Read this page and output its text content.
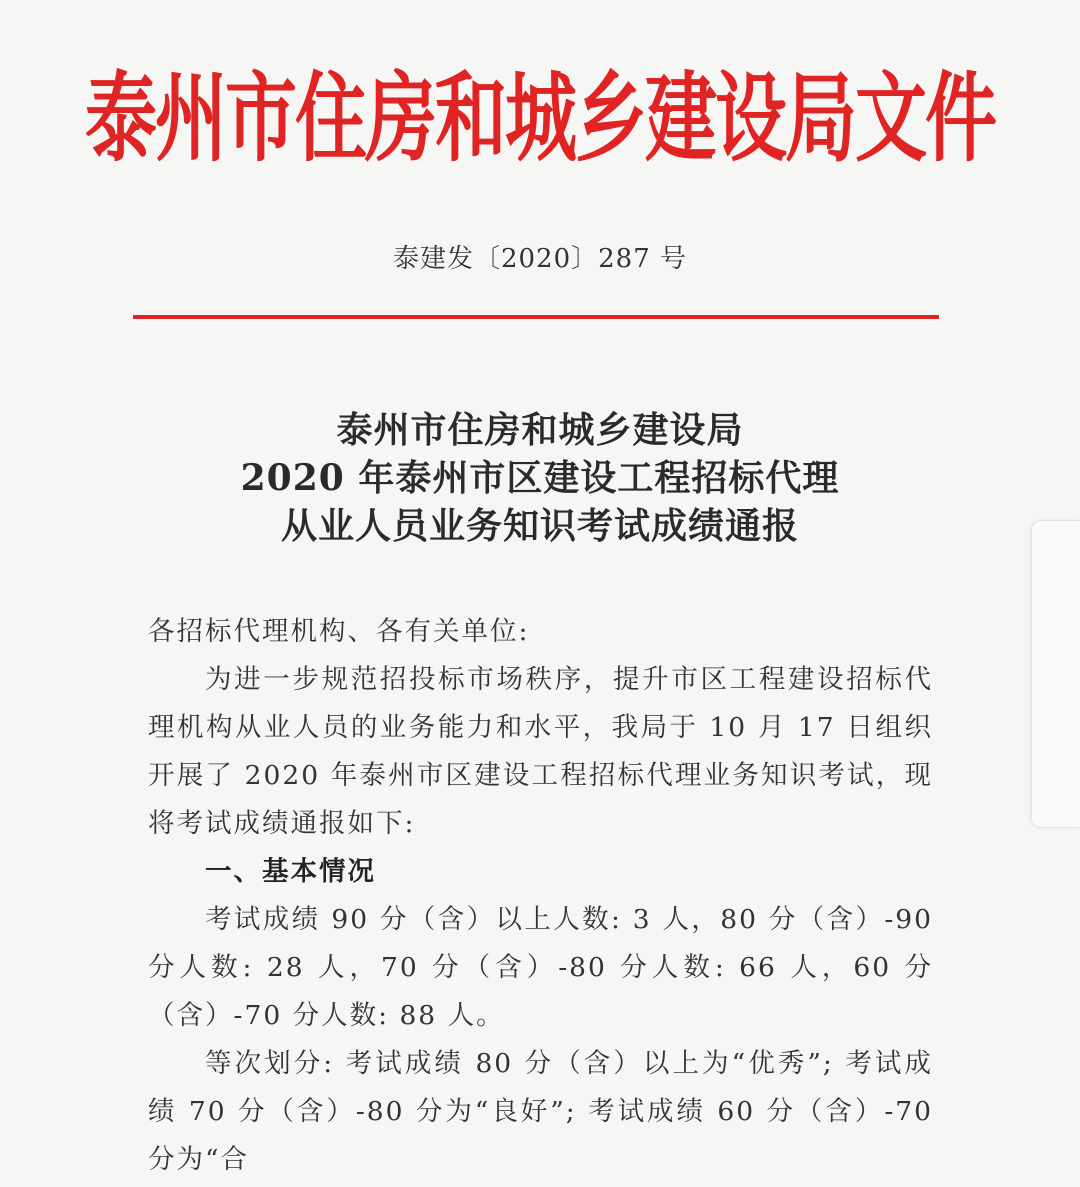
泰州市住房和城乡建设局文件
泰建发〔2020〕287 号
泰州市住房和城乡建设局
2020 年泰州市区建设工程招标代理
从业人员业务知识考试成绩通报

各招标代理机构、各有关单位:

为进一步规范招投标市场秩序，提升市区工程建设招标代理机构从业人员的业务能力和水平，我局于 10 月 17 日组织开展了 2020 年泰州市区建设工程招标代理业务知识考试，现将考试成绩通报如下:

一、基本情况

考试成绩 90 分（含）以上人数: 3 人，80 分（含）-90 分人数: 28 人，70 分（含）-80 分人数: 66 人，60 分（含）-70 分人数: 88 人。

等次划分: 考试成绩 80 分（含）以上为“优秀”; 考试成绩 70 分（含）-80 分为“良好”; 考试成绩 60 分（含）-70 分为“合
